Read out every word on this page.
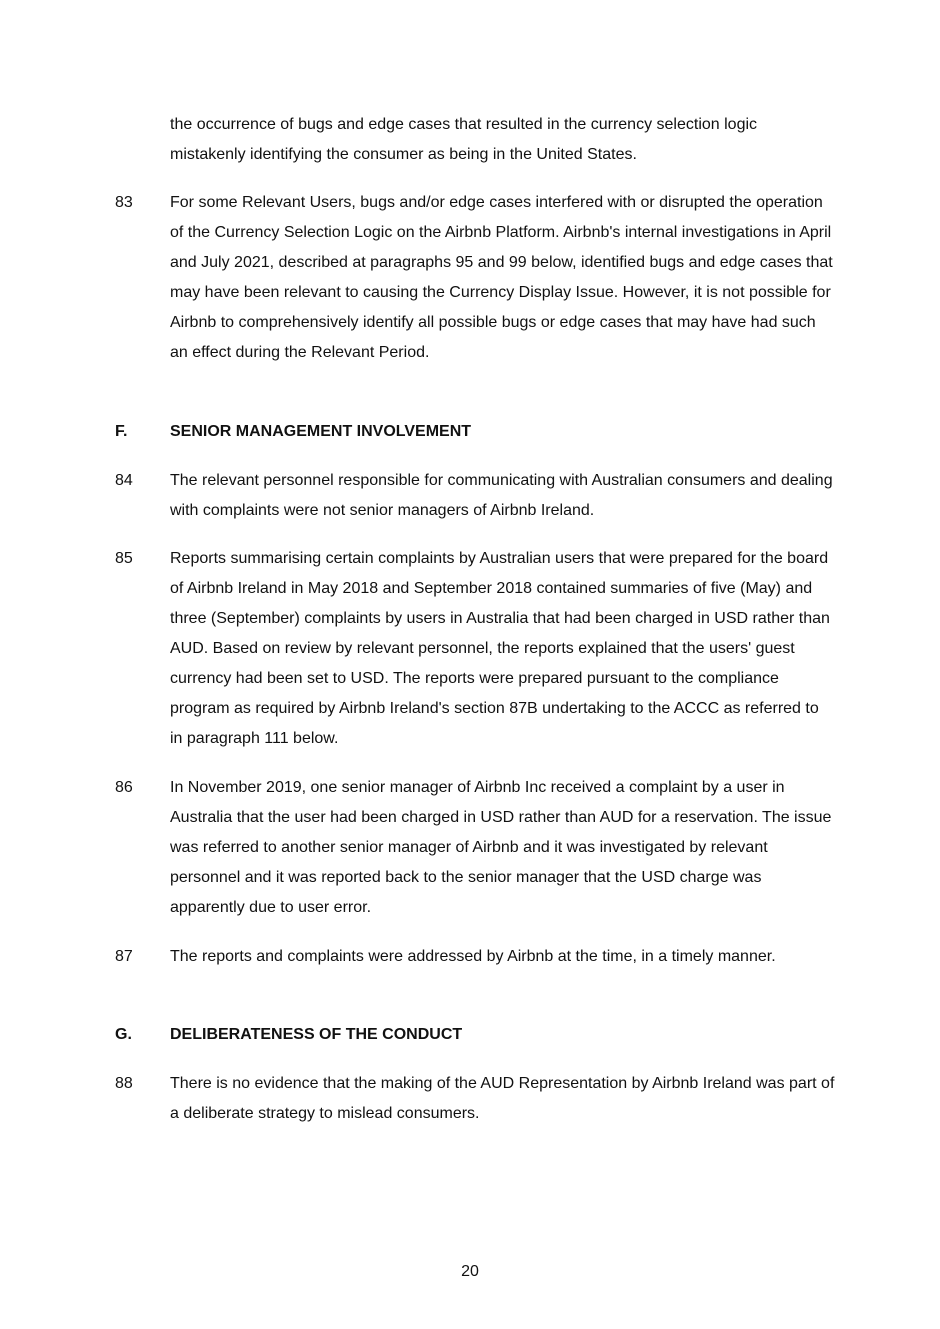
the occurrence of bugs and edge cases that resulted in the currency selection logic mistakenly identifying the consumer as being in the United States.
83	For some Relevant Users, bugs and/or edge cases interfered with or disrupted the operation of the Currency Selection Logic on the Airbnb Platform. Airbnb's internal investigations in April and July 2021, described at paragraphs 95 and 99 below, identified bugs and edge cases that may have been relevant to causing the Currency Display Issue. However, it is not possible for Airbnb to comprehensively identify all possible bugs or edge cases that may have had such an effect during the Relevant Period.
F.	SENIOR MANAGEMENT INVOLVEMENT
84	The relevant personnel responsible for communicating with Australian consumers and dealing with complaints were not senior managers of Airbnb Ireland.
85	Reports summarising certain complaints by Australian users that were prepared for the board of Airbnb Ireland in May 2018 and September 2018 contained summaries of five (May) and three (September) complaints by users in Australia that had been charged in USD rather than AUD. Based on review by relevant personnel, the reports explained that the users' guest currency had been set to USD. The reports were prepared pursuant to the compliance program as required by Airbnb Ireland's section 87B undertaking to the ACCC as referred to in paragraph 111 below.
86	In November 2019, one senior manager of Airbnb Inc received a complaint by a user in Australia that the user had been charged in USD rather than AUD for a reservation. The issue was referred to another senior manager of Airbnb and it was investigated by relevant personnel and it was reported back to the senior manager that the USD charge was apparently due to user error.
87	The reports and complaints were addressed by Airbnb at the time, in a timely manner.
G.	DELIBERATENESS OF THE CONDUCT
88	There is no evidence that the making of the AUD Representation by Airbnb Ireland was part of a deliberate strategy to mislead consumers.
20
